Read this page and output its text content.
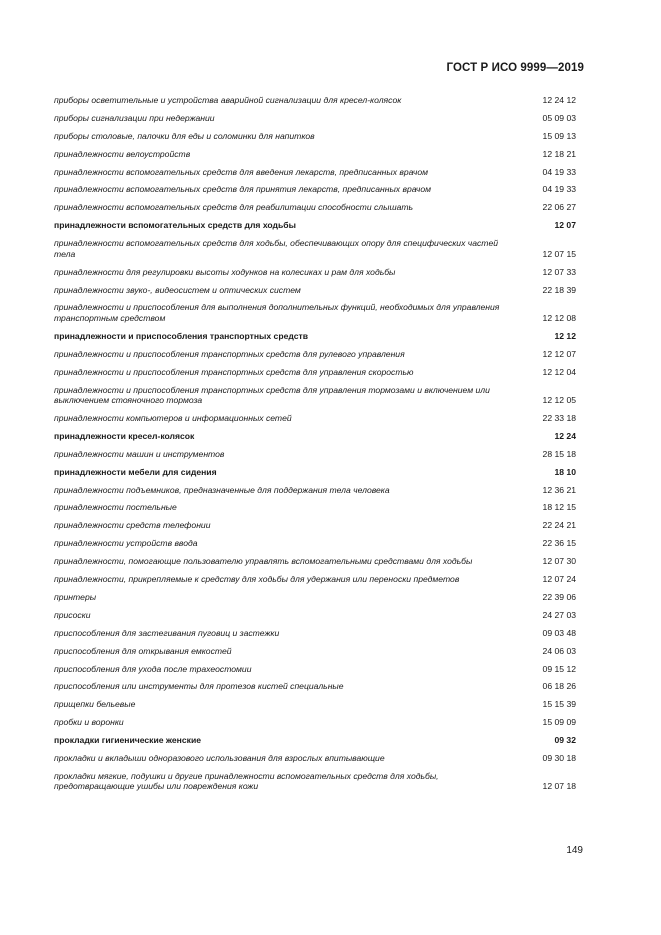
ГОСТ Р ИСО 9999—2019
приборы осветительные и устройства аварийной сигнализации для кресел-колясок	12 24 12
приборы сигнализации при недержании	05 09 03
приборы столовые, палочки для еды и соломинки для напитков	15 09 13
принадлежности велоустройств	12 18 21
принадлежности вспомогательных средств для введения лекарств, предписанных врачом	04 19 33
принадлежности вспомогательных средств для принятия лекарств, предписанных врачом	04 19 33
принадлежности вспомогательных средств для реабилитации способности слышать	22 06 27
принадлежности вспомогательных средств для ходьбы	12 07
принадлежности вспомогательных средств для ходьбы, обеспечивающих опору для специфических частей тела	12 07 15
принадлежности для регулировки высоты ходунков на колесиках и рам для ходьбы	12 07 33
принадлежности звуко-, видеосистем и оптических систем	22 18 39
принадлежности и приспособления для выполнения дополнительных функций, необходимых для управления транспортным средством	12 12 08
принадлежности и приспособления транспортных средств	12 12
принадлежности и приспособления транспортных средств для рулевого управления	12 12 07
принадлежности и приспособления транспортных средств для управления скоростью	12 12 04
принадлежности и приспособления транспортных средств для управления тормозами и включением или выключением стояночного тормоза	12 12 05
принадлежности компьютеров и информационных сетей	22 33 18
принадлежности кресел-колясок	12 24
принадлежности машин и инструментов	28 15 18
принадлежности мебели для сидения	18 10
принадлежности подъемников, предназначенные для поддержания тела человека	12 36 21
принадлежности постельные	18 12 15
принадлежности средств телефонии	22 24 21
принадлежности устройств ввода	22 36 15
принадлежности, помогающие пользователю управлять вспомогательными средствами для ходьбы	12 07 30
принадлежности, прикрепляемые к средству для ходьбы для удержания или переноски предметов	12 07 24
принтеры	22 39 06
присоски	24 27 03
приспособления для застегивания пуговиц и застежки	09 03 48
приспособления для открывания емкостей	24 06 03
приспособления для ухода после трахеостомии	09 15 12
приспособления или инструменты для протезов кистей специальные	06 18 26
прищепки бельевые	15 15 39
пробки и воронки	15 09 09
прокладки гигиенические женские	09 32
прокладки и вкладыши одноразового использования для взрослых впитывающие	09 30 18
прокладки мягкие, подушки и другие принадлежности вспомогательных средств для ходьбы, предотвращающие ушибы или повреждения кожи	12 07 18
149
